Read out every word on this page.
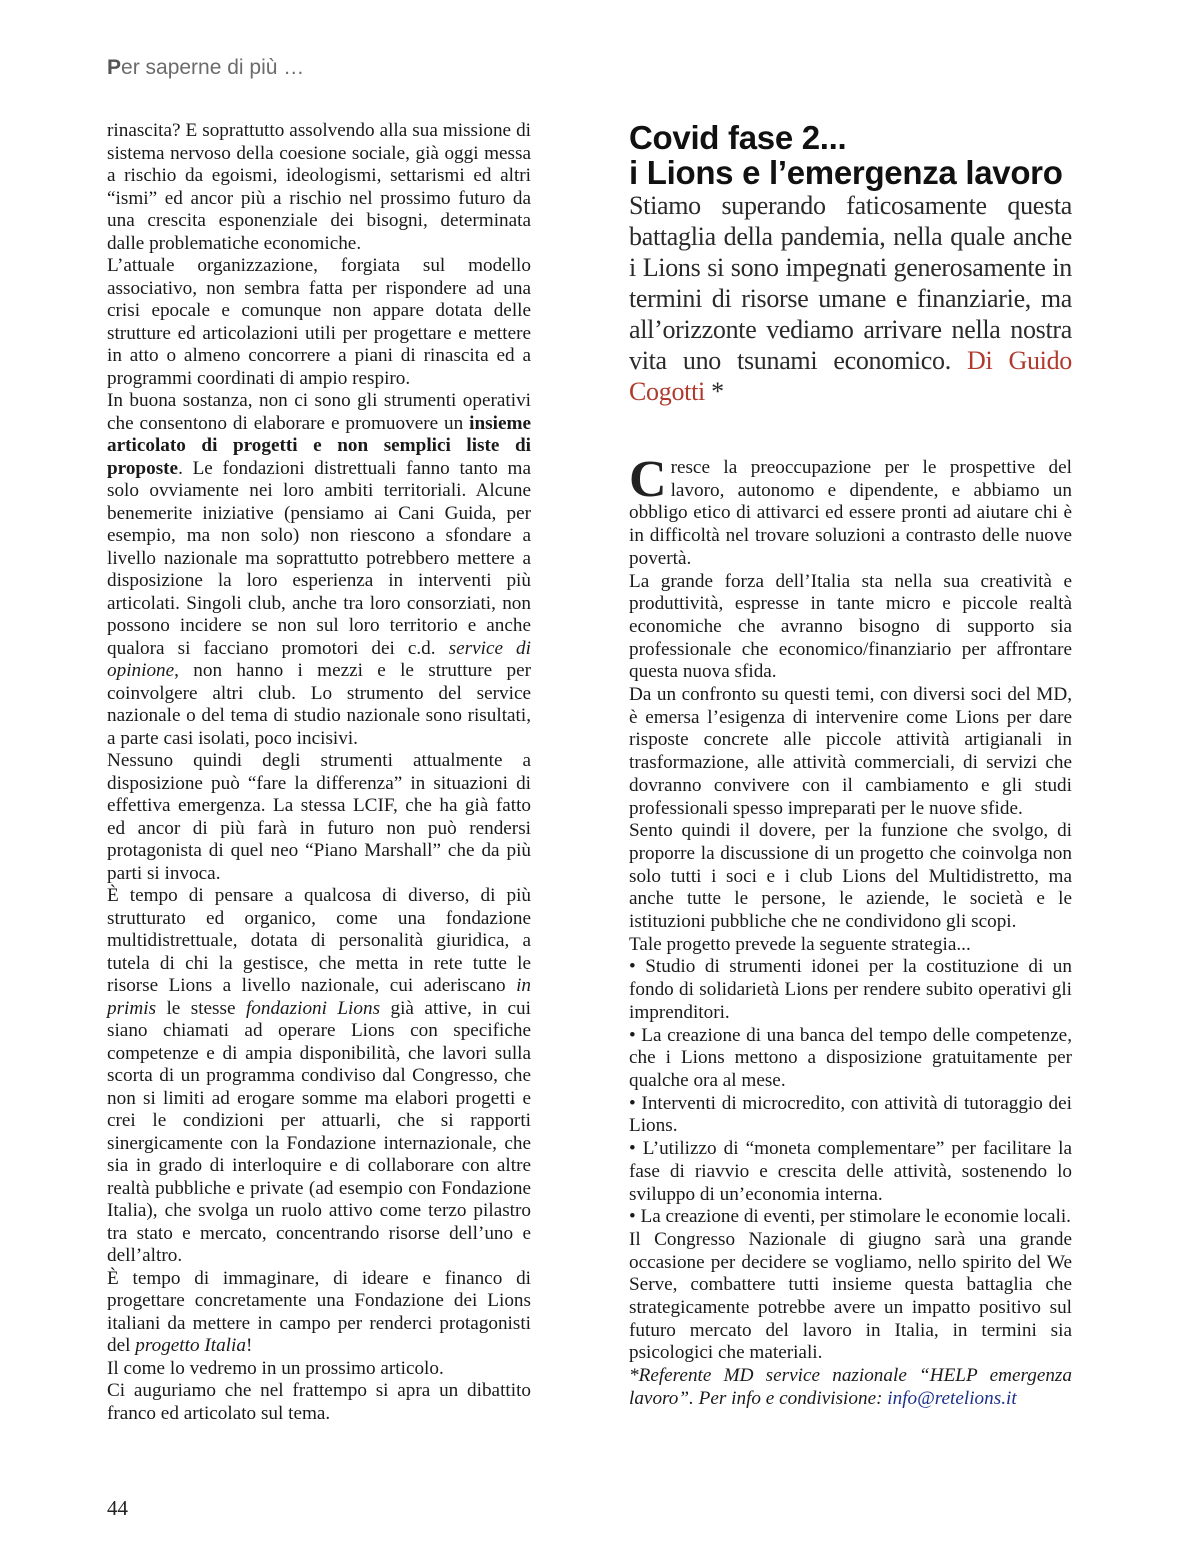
Per saperne di più …

rinascita? E soprattutto assolvendo alla sua missione di sistema nervoso della coesione sociale, già oggi messa a rischio da egoismi, ideologismi, settarismi ed altri “ismi” ed ancor più a rischio nel prossimo futuro da una crescita esponenziale dei bisogni, determinata dalle problematiche economiche.

L’attuale organizzazione, forgiata sul modello associativo, non sembra fatta per rispondere ad una crisi epocale e comunque non appare dotata delle strutture ed articolazioni utili per progettare e mettere in atto o almeno concorrere a piani di rinascita ed a programmi coordinati di ampio respiro.

In buona sostanza, non ci sono gli strumenti operativi che consentono di elaborare e promuovere un insieme articolato di progetti e non semplici liste di proposte. Le fondazioni distrettuali fanno tanto ma solo ovviamente nei loro ambiti territoriali. Alcune benemerite iniziative (pensiamo ai Cani Guida, per esempio, ma non solo) non riescono a sfondare a livello nazionale ma soprattutto potrebbero mettere a disposizione la loro esperienza in interventi più articolati. Singoli club, anche tra loro consorziati, non possono incidere se non sul loro territorio e anche qualora si facciano promotori dei c.d. service di opinione, non hanno i mezzi e le strutture per coinvolgere altri club. Lo strumento del service nazionale o del tema di studio nazionale sono risultati, a parte casi isolati, poco incisivi.

Nessuno quindi degli strumenti attualmente a disposizione può “fare la differenza” in situazioni di effettiva emergenza. La stessa LCIF, che ha già fatto ed ancor di più farà in futuro non può rendersi protagonista di quel neo “Piano Marshall” che da più parti si invoca.

È tempo di pensare a qualcosa di diverso, di più strutturato ed organico, come una fondazione multidistrettuale, dotata di personalità giuridica, a tutela di chi la gestisce, che metta in rete tutte le risorse Lions a livello nazionale, cui aderiscano in primis le stesse fondazioni Lions già attive, in cui siano chiamati ad operare Lions con specifiche competenze e di ampia disponibilità, che lavori sulla scorta di un programma condiviso dal Congresso, che non si limiti ad erogare somme ma elabori progetti e crei le condizioni per attuarli, che si rapporti sinergicamente con la Fondazione internazionale, che sia in grado di interloquire e di collaborare con altre realtà pubbliche e private (ad esempio con Fondazione Italia), che svolga un ruolo attivo come terzo pilastro tra stato e mercato, concentrando risorse dell’uno e dell’altro.

È tempo di immaginare, di ideare e financo di progettare concretamente una Fondazione dei Lions italiani da mettere in campo per renderci protagonisti del progetto Italia!

Il come lo vedremo in un prossimo articolo.

Ci auguriamo che nel frattempo si apra un dibattito franco ed articolato sul tema.

Covid fase 2...
i Lions e l’emergenza lavoro

Stiamo superando faticosamente questa battaglia della pandemia, nella quale anche i Lions si sono impegnati generosamente in termini di risorse umane e finanziarie, ma all’orizzonte vediamo arrivare nella nostra vita uno tsunami economico. Di Guido Cogotti *

Cresce la preoccupazione per le prospettive del lavoro, autonomo e dipendente, e abbiamo un obbligo etico di attivarci ed essere pronti ad aiutare chi è in difficoltà nel trovare soluzioni a contrasto delle nuove povertà.

La grande forza dell’Italia sta nella sua creatività e produttività, espresse in tante micro e piccole realtà economiche che avranno bisogno di supporto sia professionale che economico/finanziario per affrontare questa nuova sfida.

Da un confronto su questi temi, con diversi soci del MD, è emersa l’esigenza di intervenire come Lions per dare risposte concrete alle piccole attività artigianali in trasformazione, alle attività commerciali, di servizi che dovranno convivere con il cambiamento e gli studi professionali spesso impreparati per le nuove sfide.

Sento quindi il dovere, per la funzione che svolgo, di proporre la discussione di un progetto che coinvolga non solo tutti i soci e i club Lions del Multidistretto, ma anche tutte le persone, le aziende, le società e le istituzioni pubbliche che ne condividono gli scopi.

Tale progetto prevede la seguente strategia...

• Studio di strumenti idonei per la costituzione di un fondo di solidarietà Lions per rendere subito operativi gli imprenditori.

• La creazione di una banca del tempo delle competenze, che i Lions mettono a disposizione gratuitamente per qualche ora al mese.

• Interventi di microcredito, con attività di tutoraggio dei Lions.

• L’utilizzo di “moneta complementare” per facilitare la fase di riavvio e crescita delle attività, sostenendo lo sviluppo di un’economia interna.

• La creazione di eventi, per stimolare le economie locali.

Il Congresso Nazionale di giugno sarà una grande occasione per decidere se vogliamo, nello spirito del We Serve, combattere tutti insieme questa battaglia che strategicamente potrebbe avere un impatto positivo sul futuro mercato del lavoro in Italia, in termini sia psicologici che materiali.

*Referente MD service nazionale “HELP emergenza lavoro”. Per info e condivisione: info@retelions.it

44
